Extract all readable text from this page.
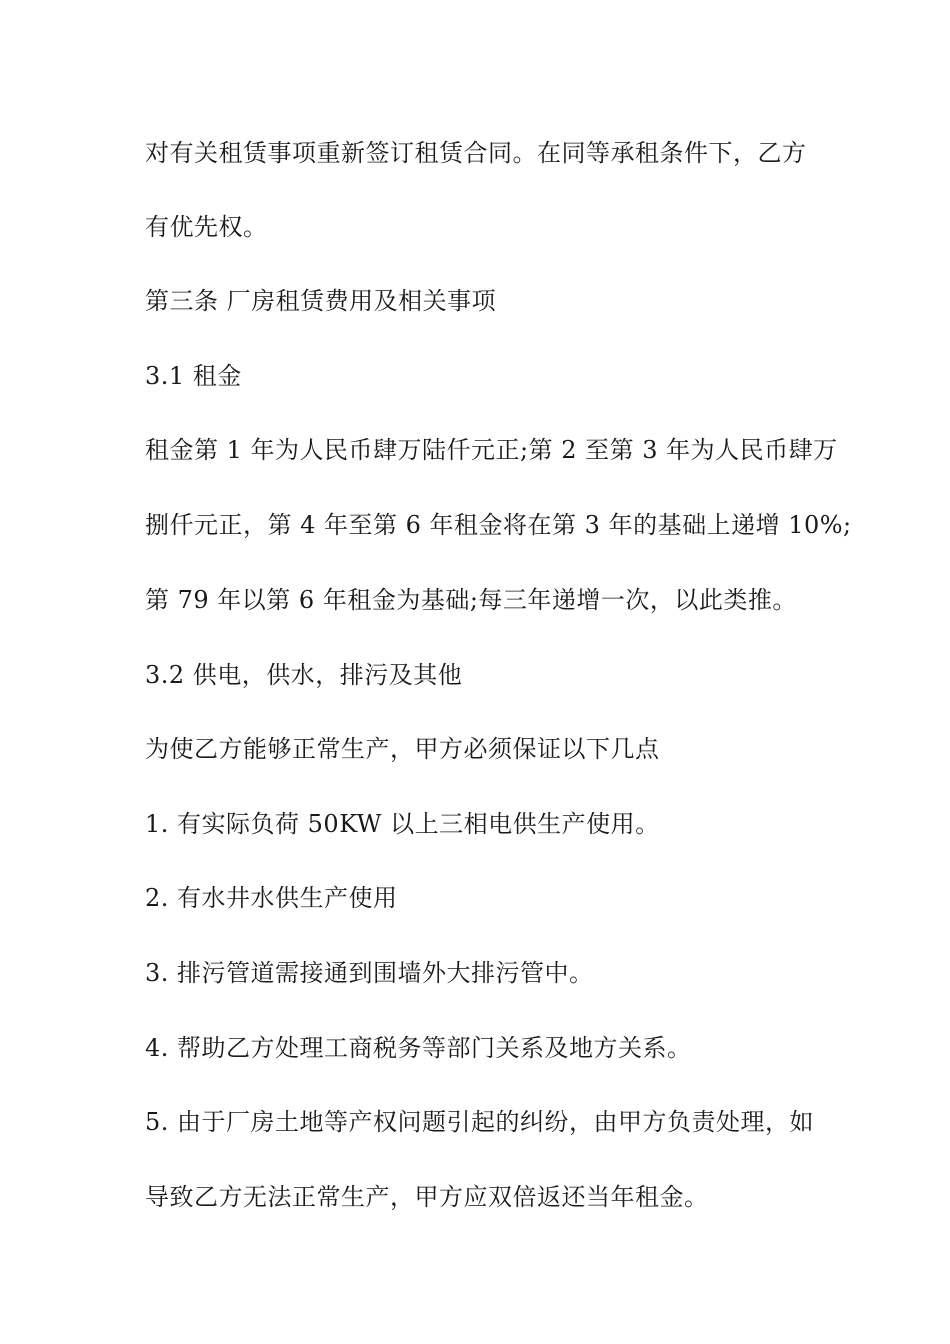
对有关租赁事项重新签订租赁合同。在同等承租条件下，乙方
有优先权。
第三条 厂房租赁费用及相关事项
3.1 租金
租金第 1 年为人民币肆万陆仟元正;第 2 至第 3 年为人民币肆万
捌仟元正，第 4 年至第 6 年租金将在第 3 年的基础上递增 10%;
第 79 年以第 6 年租金为基础;每三年递增一次，以此类推。
3.2 供电，供水，排污及其他
为使乙方能够正常生产，甲方必须保证以下几点
1. 有实际负荷 50KW 以上三相电供生产使用。
2. 有水井水供生产使用
3. 排污管道需接通到围墙外大排污管中。
4. 帮助乙方处理工商税务等部门关系及地方关系。
5. 由于厂房土地等产权问题引起的纠纷，由甲方负责处理，如
导致乙方无法正常生产，甲方应双倍返还当年租金。
